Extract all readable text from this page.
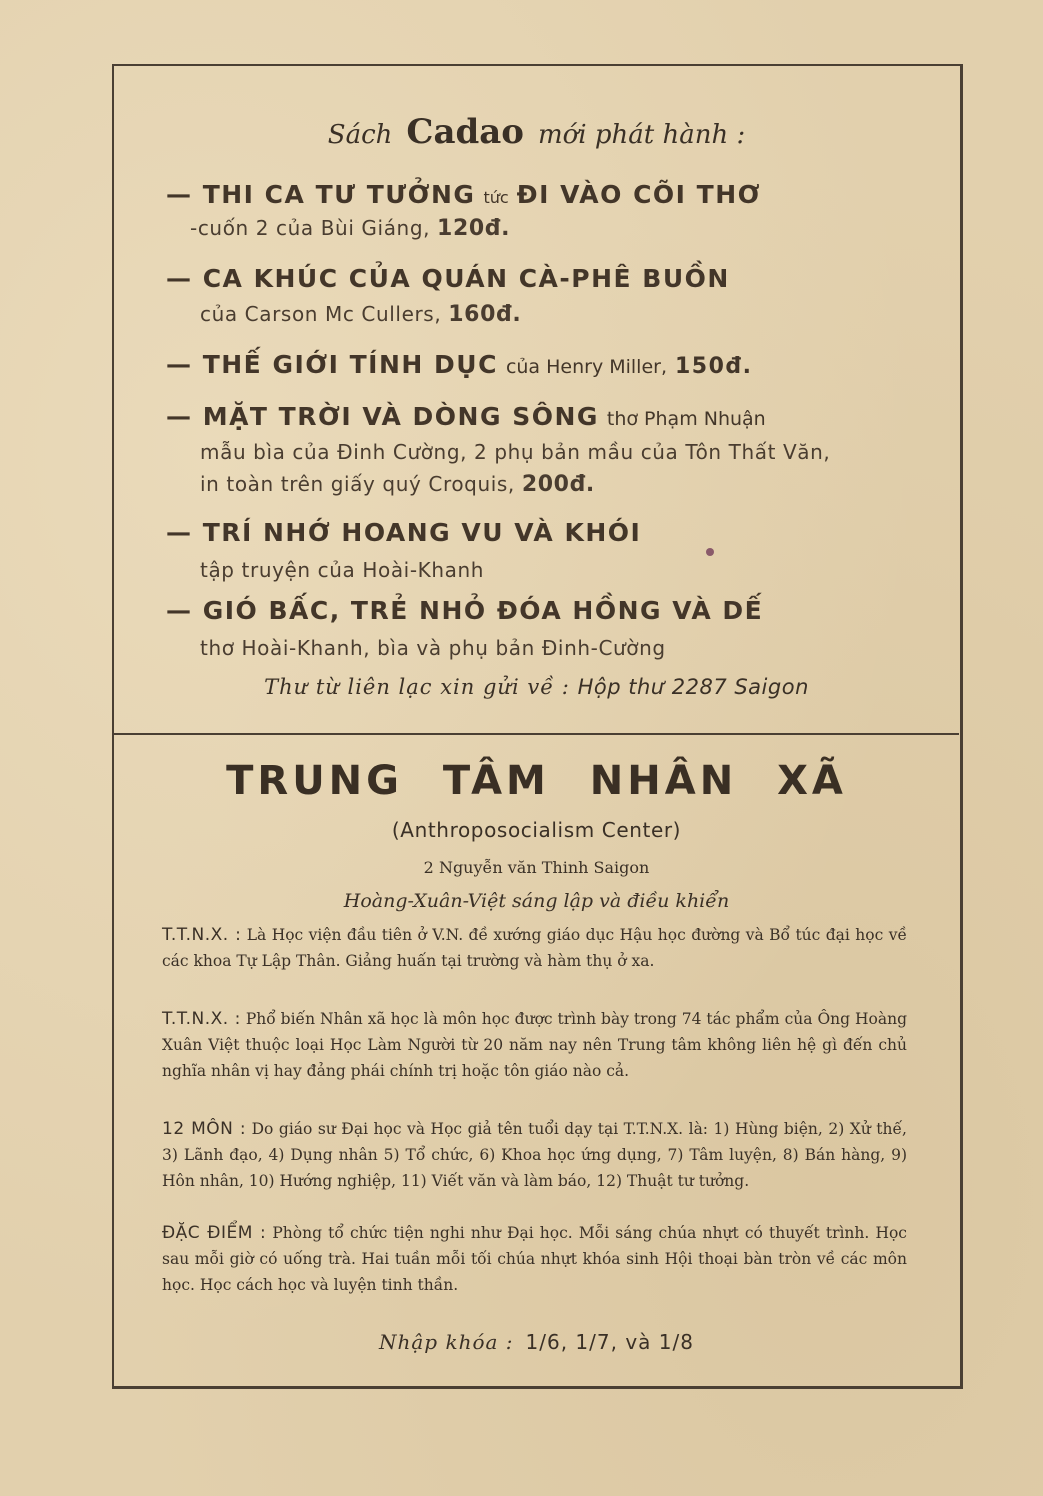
Sách Cadao mới phát hành :
— THI CA TƯ TƯỞNG tức ĐI VÀO CÕI THƠ
-cuốn 2 của Bùi Giáng, 120đ.
— CA KHÚC CỦA QUÁN CÀ-PHÊ BUỒN
của Carson Mc Cullers, 160đ.
— THẾ GIỚI TÍNH DỤC của Henry Miller, 150đ.
— MẶT TRỜI VÀ DÒNG SÔNG thơ Phạm Nhuận
mẫu bìa của Đinh Cường, 2 phụ bản mầu của Tôn Thất Văn,
in toàn trên giấy quý Croquis, 200đ.
— TRÍ NHỚ HOANG VU VÀ KHÓI
tập truyện của Hoài-Khanh
— GIÓ BẤC, TRẺ NHỎ ĐÓA HỒNG VÀ DẾ
thơ Hoài-Khanh, bìa và phụ bản Đinh-Cường
Thư từ liên lạc xin gửi về : Hộp thư 2287 Saigon
TRUNG TÂM NHÂN XÃ
(Anthroposocialism Center)
2 Nguyễn văn Thinh Saigon
Hoàng-Xuân-Việt sáng lập và điều khiển
T.T.N.X. : Là Học viện đầu tiên ở V.N. đề xướng giáo dục Hậu học đường và Bổ túc đại học về các khoa Tự Lập Thân. Giảng huấn tại trường và hàm thụ ở xa.
T.T.N.X. : Phổ biến Nhân xã học là môn học được trình bày trong 74 tác phẩm của Ông Hoàng Xuân Việt thuộc loại Học Làm Người từ 20 năm nay nên Trung tâm không liên hệ gì đến chủ nghĩa nhân vị hay đảng phái chính trị hoặc tôn giáo nào cả.
12 MÔN : Do giáo sư Đại học và Học giả tên tuổi dạy tại T.T.N.X. là: 1) Hùng biện, 2) Xử thế, 3) Lãnh đạo, 4) Dụng nhân 5) Tổ chức, 6) Khoa học ứng dụng, 7) Tâm luyện, 8) Bán hàng, 9) Hôn nhân, 10) Hướng nghiệp, 11) Viết văn và làm báo, 12) Thuật tư tưởng.
ĐẶC ĐIỂM : Phòng tổ chức tiện nghi như Đại học. Mỗi sáng chúa nhựt có thuyết trình. Học sau mỗi giờ có uống trà. Hai tuần mỗi tối chúa nhựt khóa sinh Hội thoại bàn tròn về các môn học. Học cách học và luyện tinh thần.
Nhập khóa : 1/6, 1/7, và 1/8
